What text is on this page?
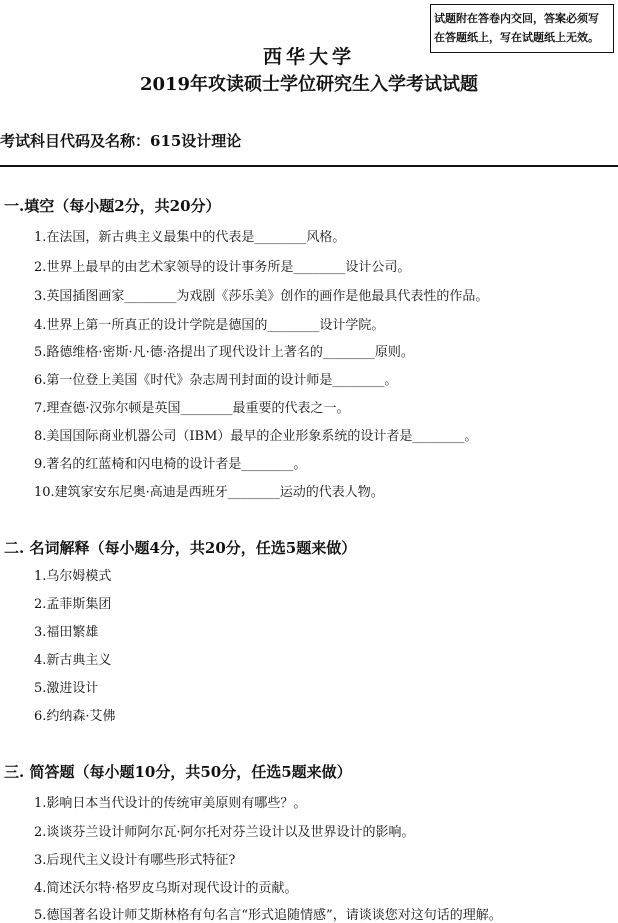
试题附在答卷内交回，答案必须写
在答题纸上，写在试题纸上无效。
西华大学
2019年攻读硕士学位研究生入学考试试题
考试科目代码及名称：615设计理论
一.填空（每小题2分，共20分）
1.在法国，新古典主义最集中的代表是________风格。
2.世界上最早的由艺术家领导的设计事务所是________设计公司。
3.英国插图画家________为戏剧《莎乐美》创作的画作是他最具代表性的作品。
4.世界上第一所真正的设计学院是德国的________设计学院。
5.路德维格·密斯·凡·德·洛提出了现代设计上著名的________原则。
6.第一位登上美国《时代》杂志周刊封面的设计师是________。
7.理查德·汉弥尔顿是英国________最重要的代表之一。
8.美国国际商业机器公司（IBM）最早的企业形象系统的设计者是________。
9.著名的红蓝椅和闪电椅的设计者是________。
10.建筑家安东尼奥·高迪是西班牙________运动的代表人物。
二. 名词解释（每小题4分，共20分，任选5题来做）
1.乌尔姆模式
2.孟菲斯集团
3.福田繁雄
4.新古典主义
5.激进设计
6.约纳森·艾佛
三. 简答题（每小题10分，共50分，任选5题来做）
1.影响日本当代设计的传统审美原则有哪些？。
2.谈谈芬兰设计师阿尔瓦·阿尔托对芬兰设计以及世界设计的影响。
3.后现代主义设计有哪些形式特征?
4.简述沃尔特·格罗皮乌斯对现代设计的贡献。
5.德国著名设计师艾斯林格有句名言“形式追随情感”，请谈谈您对这句话的理解。
